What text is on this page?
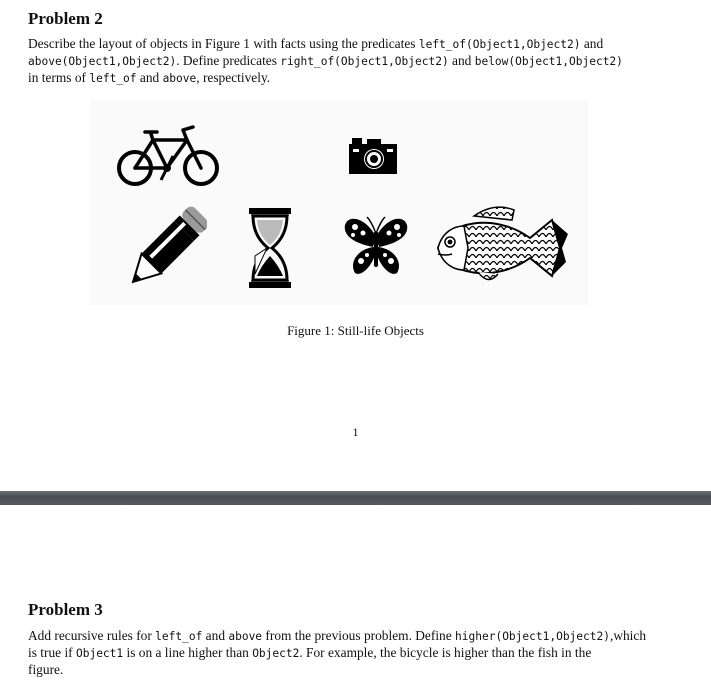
Problem 2
Describe the layout of objects in Figure 1 with facts using the predicates left_of(Object1,Object2) and
above(Object1,Object2). Define predicates right_of(Object1,Object2) and below(Object1,Object2)
in terms of left_of and above, respectively.
Figure 1: Still-life Objects
1
Problem 3
Add recursive rules for left_of and above from the previous problem. Define higher(Object1,Object2),which
is true if Object1 is on a line higher than Object2. For example, the bicycle is higher than the fish in the
figure.
